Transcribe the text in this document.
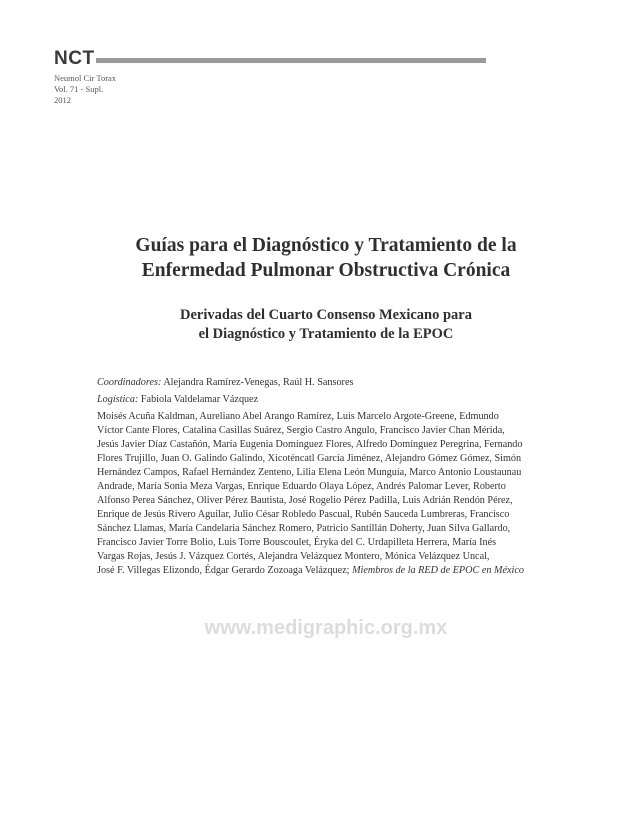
NCT
Neumol Cir Torax
Vol. 71 - Supl.
2012
Guías para el Diagnóstico y Tratamiento de la
Enfermedad Pulmonar Obstructiva Crónica
Derivadas del Cuarto Consenso Mexicano para
el Diagnóstico y Tratamiento de la EPOC
Coordinadores: Alejandra Ramírez-Venegas, Raúl H. Sansores
Logística: Fabiola Valdelamar Vázquez
Moisés Acuña Kaldman, Aureliano Abel Arango Ramírez, Luis Marcelo Argote-Greene, Edmundo
Víctor Cante Flores, Catalina Casillas Suárez, Sergio Castro Angulo, Francisco Javier Chan Mérida,
Jesús Javier Díaz Castañón, María Eugenia Domínguez Flores, Alfredo Domínguez Peregrina, Fernando
Flores Trujillo, Juan O. Galindo Galindo, Xicoténcatl García Jiménez, Alejandro Gómez Gómez, Simón
Hernández Campos, Rafael Hernández Zenteno, Lilia Elena León Munguía, Marco Antonio Loustaunau
Andrade, María Sonia Meza Vargas, Enrique Eduardo Olaya López, Andrés Palomar Lever, Roberto
Alfonso Perea Sánchez, Oliver Pérez Bautista, José Rogelio Pérez Padilla, Luis Adrián Rendón Pérez,
Enrique de Jesús Rivero Aguilar, Julio César Robledo Pascual, Rubén Sauceda Lumbreras, Francisco
Sánchez Llamas, María Candelaria Sánchez Romero, Patricio Santillán Doherty, Juan Silva Gallardo,
Francisco Javier Torre Bolio, Luis Torre Bouscoulet, Éryka del C. Urdapilleta Herrera, María Inés
Vargas Rojas, Jesús J. Vázquez Cortés, Alejandra Velázquez Montero, Mónica Velázquez Uncal,
José F. Villegas Elizondo, Édgar Gerardo Zozoaga Velázquez; Miembros de la RED de EPOC en México
www.medigraphic.org.mx
